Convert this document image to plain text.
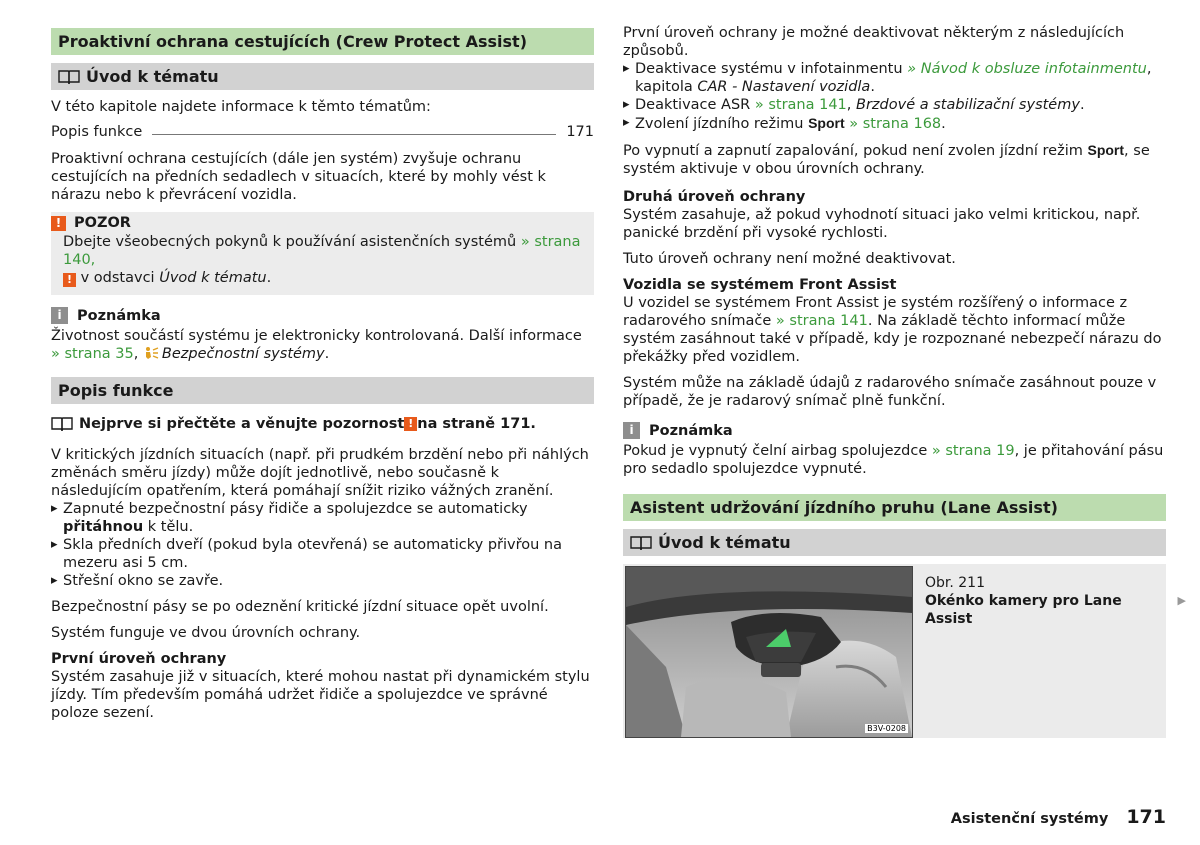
Proaktivní ochrana cestujících (Crew Protect Assist)
Úvod k tématu

V této kapitole najdete informace k těmto tématům:

Popis funkce	171

Proaktivní ochrana cestujících (dále jen systém) zvyšuje ochranu cestujících na předních sedadlech v situacích, které by mohly vést k nárazu nebo k převrácení vozidla.

! POZOR
Dbejte všeobecných pokynů k používání asistenčních systémů » strana 140,
! v odstavci Úvod k tématu.
i	Poznámka

Životnost součástí systému je elektronicky kontrolovaná. Další informace » strana 35, Bezpečnostní systémy.

Popis funkce
Nejprve si přečtěte a věnujte pozornost ! na straně 171.

V kritických jízdních situacích (např. při prudkém brzdění nebo při náhlých změnách směru jízdy) může dojít jednotlivě, nebo současně k následujícím opatřením, která pomáhají snížit riziko vážných zranění.

▸ Zapnuté bezpečnostní pásy řidiče a spolujezdce se automaticky přitáhnou k tělu.

▸ Skla předních dveří (pokud byla otevřená) se automaticky přivřou na mezeru asi 5 cm.

▸ Střešní okno se zavře.

Bezpečnostní pásy se po odeznění kritické jízdní situace opět uvolní.

Systém funguje ve dvou úrovních ochrany.

První úroveň ochrany

Systém zasahuje již v situacích, které mohou nastat při dynamickém stylu jízdy. Tím především pomáhá udržet řidiče a spolujezdce ve správné poloze sezení.

První úroveň ochrany je možné deaktivovat některým z následujících způsobů.

▸ Deaktivace systému v infotainmentu » Návod k obsluze infotainmentu, kapitola CAR - Nastavení vozidla.

▸ Deaktivace ASR » strana 141, Brzdové a stabilizační systémy.

▸ Zvolení jízdního režimu Sport » strana 168.

Po vypnutí a zapnutí zapalování, pokud není zvolen jízdní režim Sport, se systém aktivuje v obou úrovních ochrany.

Druhá úroveň ochrany

Systém zasahuje, až pokud vyhodnotí situaci jako velmi kritickou, např. panické brzdění při vysoké rychlosti.

Tuto úroveň ochrany není možné deaktivovat.

Vozidla se systémem Front Assist

U vozidel se systémem Front Assist je systém rozšířený o informace z radarového snímače » strana 141. Na základě těchto informací může systém zasáhnout také v případě, kdy je rozpoznané nebezpečí nárazu do překážky před vozidlem.

Systém může na základě údajů z radarového snímače zasáhnout pouze v případě, že je radarový snímač plně funkční.

i	Poznámka

Pokud je vypnutý čelní airbag spolujezdce » strana 19, je přitahování pásu pro sedadlo spolujezdce vypnuté.

Asistent udržování jízdního pruhu (Lane Assist)
Úvod k tématu
B3V-0208
Obr. 211
Okénko kamery pro Lane Assist
▶
Asistenční systémy 171
